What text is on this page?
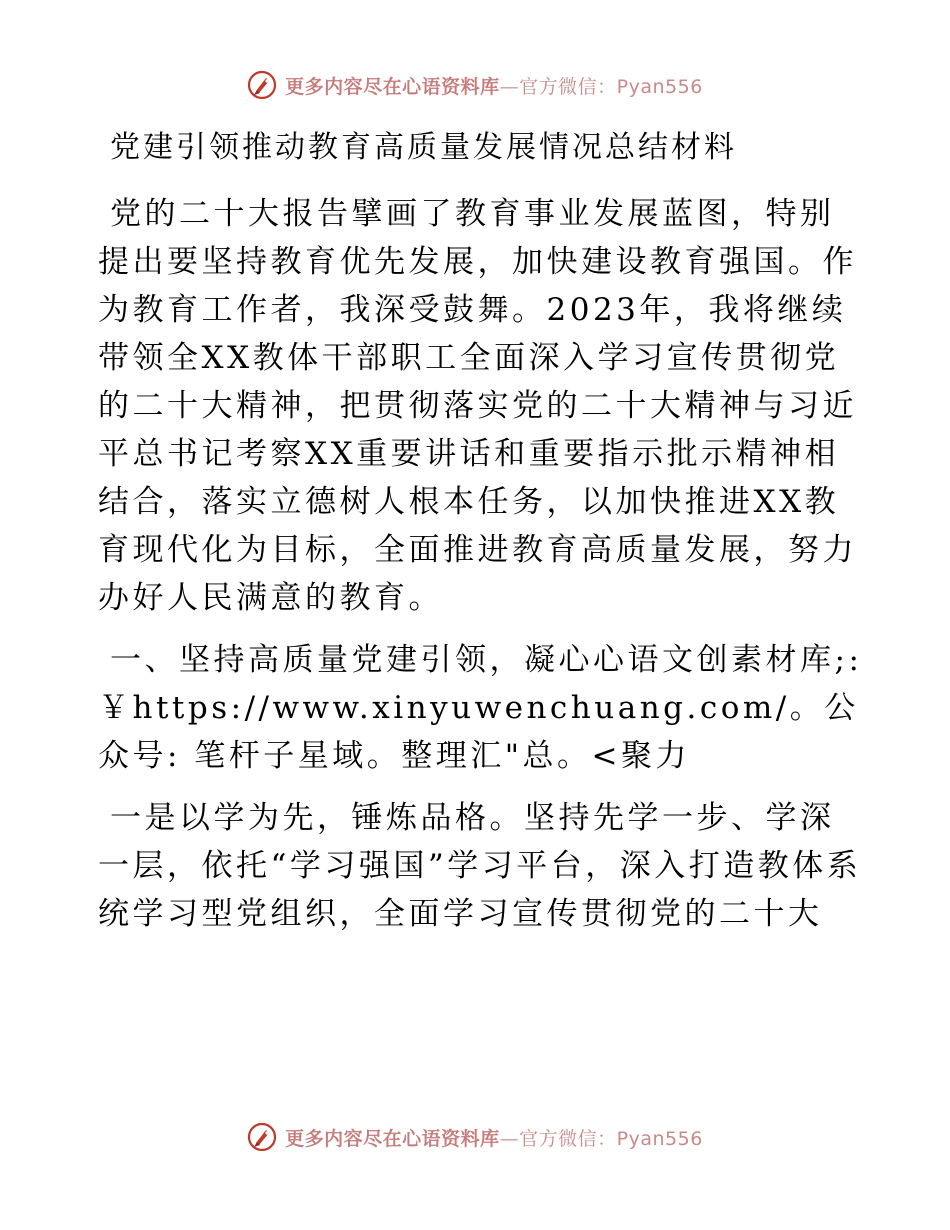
更多内容尽在心语资料库—官方微信：Pyan556
党建引领推动教育高质量发展情况总结材料

党的二十大报告擘画了教育事业发展蓝图，特别提出要坚持教育优先发展，加快建设教育强国。作为教育工作者，我深受鼓舞。2023年，我将继续带领全XX教体干部职工全面深入学习宣传贯彻党的二十大精神，把贯彻落实党的二十大精神与习近平总书记考察XX重要讲话和重要指示批示精神相结合，落实立德树人根本任务，以加快推进XX教育现代化为目标，全面推进教育高质量发展，努力办好人民满意的教育。

一、坚持高质量党建引领，凝心心语文创素材库;: ￥https://www.xinyuwenchuang.com/。公众号: 笔杆子星域。整理汇"总。<聚力

一是以学为先，锤炼品格。坚持先学一步、学深一层，依托“学习强国”学习平台，深入打造教体系统学习型党组织，全面学习宣传贯彻党的二十大

更多内容尽在心语资料库—官方微信：Pyan556
